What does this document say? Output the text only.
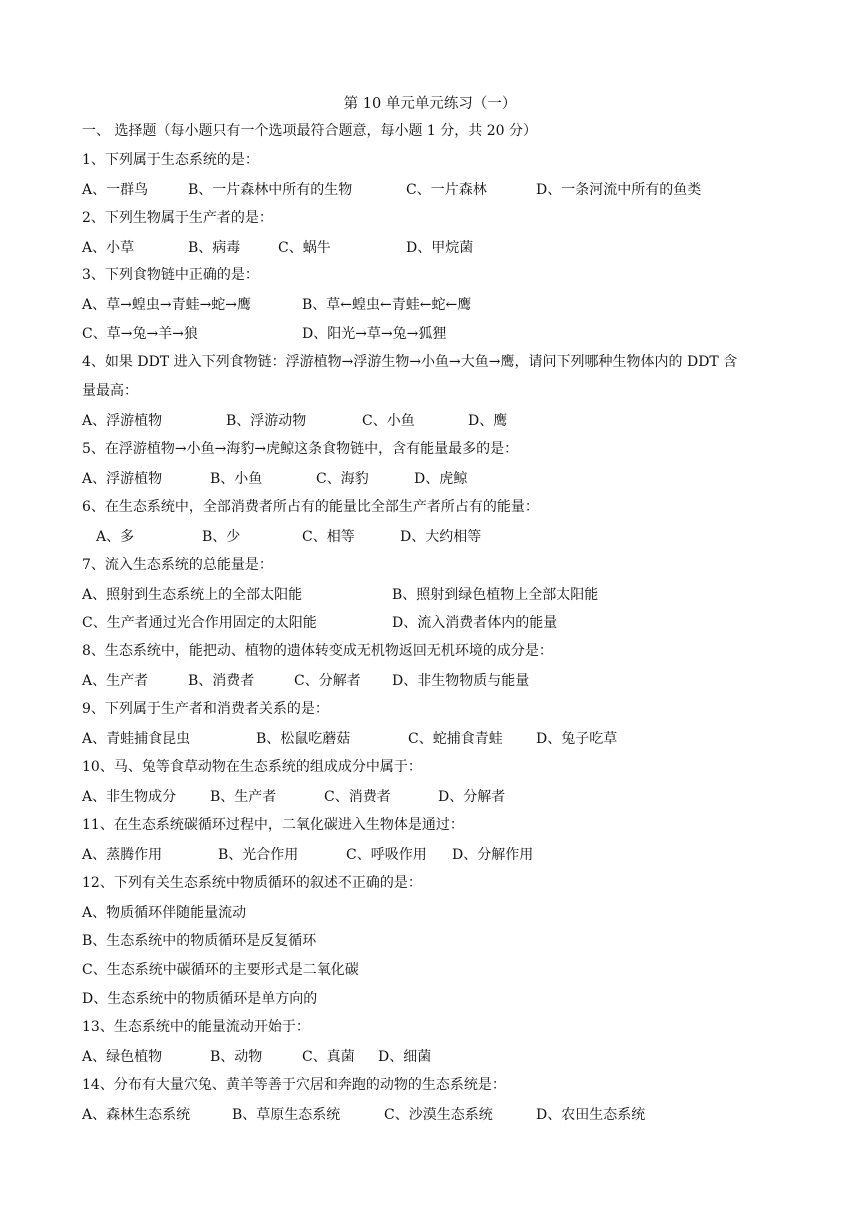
第 10 单元单元练习（一）
一、 选择题（每小题只有一个选项最符合题意，每小题 1 分，共 20 分）
1、下列属于生态系统的是：
A、一群鸟	B、一片森林中所有的生物	C、一片森林	D、一条河流中所有的鱼类
2、下列生物属于生产者的是：
A、小草	B、病毒	C、蜗牛	D、甲烷菌
3、下列食物链中正确的是：
A、草→蝗虫→青蛙→蛇→鹰	B、草←蝗虫←青蛙←蛇←鹰
C、草→兔→羊→狼	D、阳光→草→兔→狐狸
4、如果 DDT 进入下列食物链：浮游植物→浮游生物→小鱼→大鱼→鹰，请问下列哪种生物体内的 DDT 含
量最高：
A、浮游植物	B、浮游动物	C、小鱼	D、鹰
5、在浮游植物→小鱼→海豹→虎鲸这条食物链中，含有能量最多的是：
A、浮游植物	B、小鱼	C、海豹	D、虎鲸
6、在生态系统中，全部消费者所占有的能量比全部生产者所占有的能量：
A、多	B、少	C、相等	D、大约相等
7、流入生态系统的总能量是：
A、照射到生态系统上的全部太阳能	B、照射到绿色植物上全部太阳能
C、生产者通过光合作用固定的太阳能	D、流入消费者体内的能量
8、生态系统中，能把动、植物的遗体转变成无机物返回无机环境的成分是：
A、生产者	B、消费者	C、分解者 D、非生物物质与能量
9、下列属于生产者和消费者关系的是：
A、青蛙捕食昆虫	B、松鼠吃蘑菇	C、蛇捕食青蛙 D、兔子吃草
10、马、兔等食草动物在生态系统的组成成分中属于：
A、非生物成分 B、生产者	C、消费者	D、分解者
11、在生态系统碳循环过程中，二氧化碳进入生物体是通过：
A、蒸腾作用	B、光合作用	C、呼吸作用 D、分解作用
12、下列有关生态系统中物质循环的叙述不正确的是：
A、物质循环伴随能量流动
B、生态系统中的物质循环是反复循环
C、生态系统中碳循环的主要形式是二氧化碳
D、生态系统中的物质循环是单方向的
13、生态系统中的能量流动开始于：
A、绿色植物	B、动物	C、真菌 D、细菌
14、分布有大量穴兔、黄羊等善于穴居和奔跑的动物的生态系统是：
A、森林生态系统	B、草原生态系统	C、沙漠生态系统	D、农田生态系统
